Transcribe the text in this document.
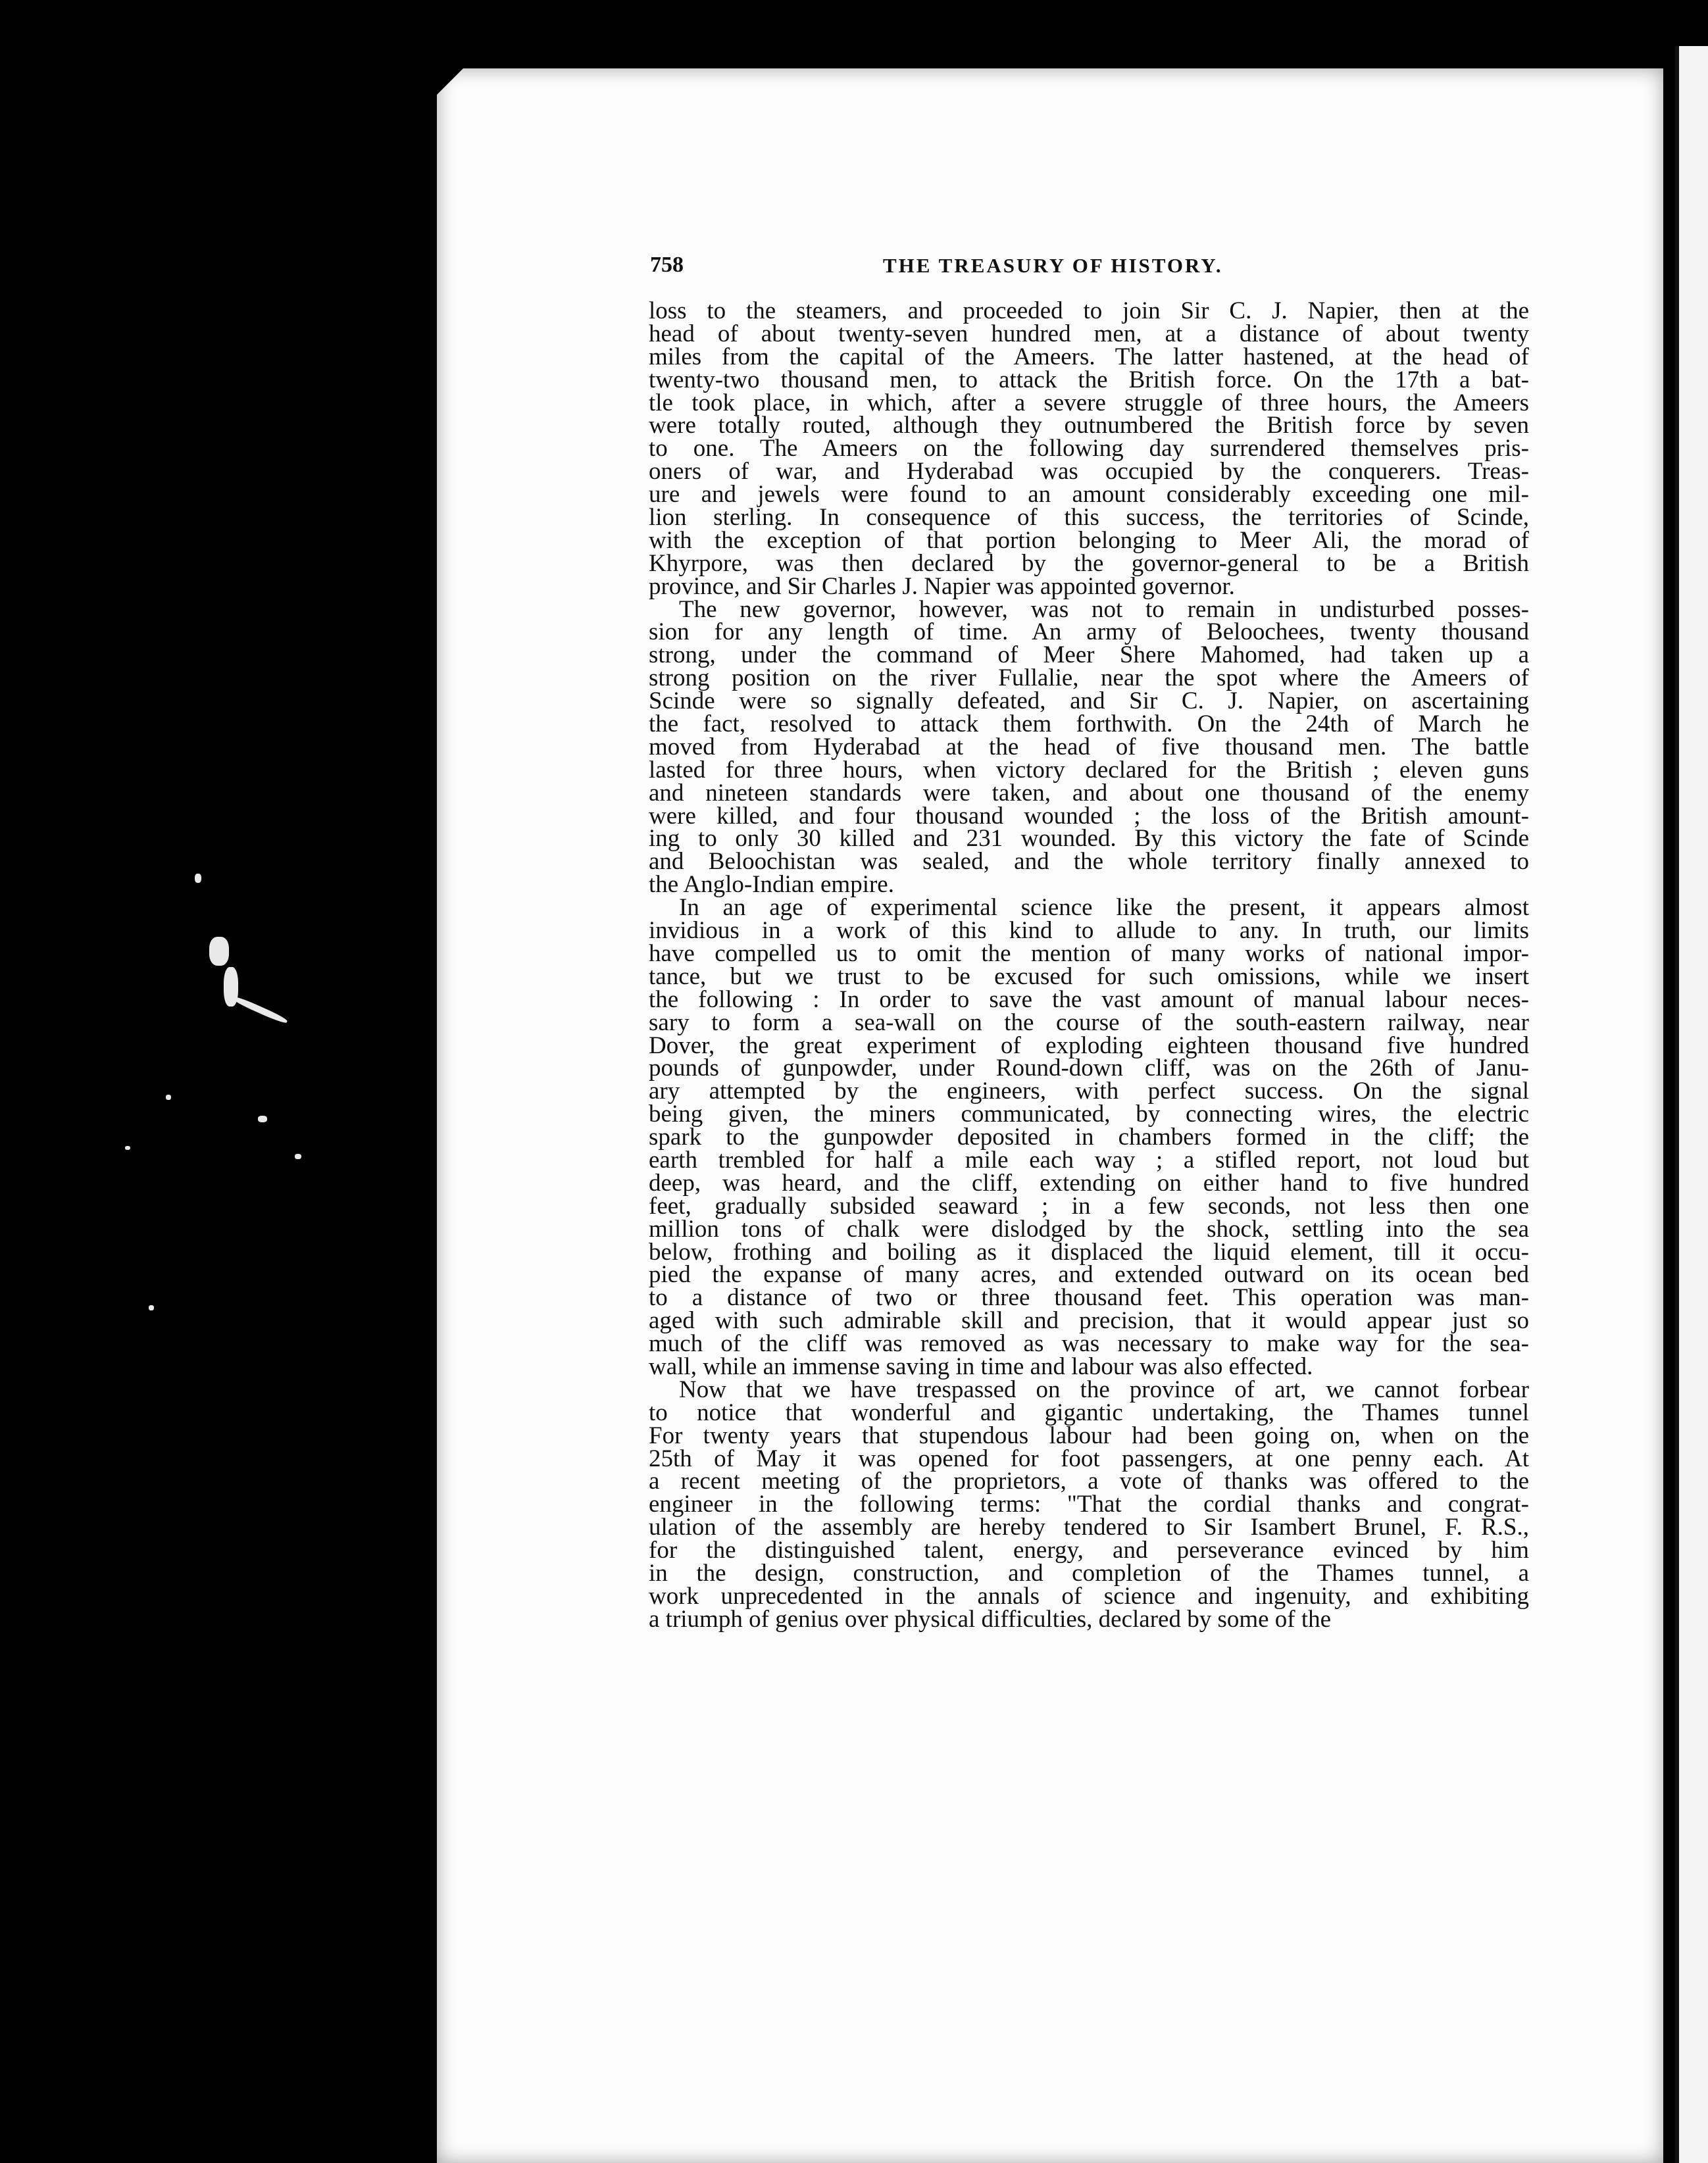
758	THE TREASURY OF HISTORY.
loss to the steamers, and proceeded to join Sir C. J. Napier, then at the
head of about twenty-seven hundred men, at a distance of about twenty
miles from the capital of the Ameers. The latter hastened, at the head of
twenty-two thousand men, to attack the British force. On the 17th a bat-
tle took place, in which, after a severe struggle of three hours, the Ameers
were totally routed, although they outnumbered the British force by seven
to one. The Ameers on the following day surrendered themselves pris-
oners of war, and Hyderabad was occupied by the conquerers. Treas-
ure and jewels were found to an amount considerably exceeding one mil-
lion sterling. In consequence of this success, the territories of Scinde,
with the exception of that portion belonging to Meer Ali, the morad of
Khyrpore, was then declared by the governor-general to be a British
province, and Sir Charles J. Napier was appointed governor.
The new governor, however, was not to remain in undisturbed posses-
sion for any length of time. An army of Beloochees, twenty thousand
strong, under the command of Meer Shere Mahomed, had taken up a
strong position on the river Fullalie, near the spot where the Ameers of
Scinde were so signally defeated, and Sir C. J. Napier, on ascertaining
the fact, resolved to attack them forthwith. On the 24th of March he
moved from Hyderabad at the head of five thousand men. The battle
lasted for three hours, when victory declared for the British ; eleven guns
and nineteen standards were taken, and about one thousand of the enemy
were killed, and four thousand wounded ; the loss of the British amount-
ing to only 30 killed and 231 wounded. By this victory the fate of Scinde
and Beloochistan was sealed, and the whole territory finally annexed to
the Anglo-Indian empire.
In an age of experimental science like the present, it appears almost
invidious in a work of this kind to allude to any. In truth, our limits
have compelled us to omit the mention of many works of national impor-
tance, but we trust to be excused for such omissions, while we insert
the following : In order to save the vast amount of manual labour neces-
sary to form a sea-wall on the course of the south-eastern railway, near
Dover, the great experiment of exploding eighteen thousand five hundred
pounds of gunpowder, under Round-down cliff, was on the 26th of Janu-
ary attempted by the engineers, with perfect success. On the signal
being given, the miners communicated, by connecting wires, the electric
spark to the gunpowder deposited in chambers formed in the cliff; the
earth trembled for half a mile each way ; a stifled report, not loud but
deep, was heard, and the cliff, extending on either hand to five hundred
feet, gradually subsided seaward ; in a few seconds, not less then one
million tons of chalk were dislodged by the shock, settling into the sea
below, frothing and boiling as it displaced the liquid element, till it occu-
pied the expanse of many acres, and extended outward on its ocean bed
to a distance of two or three thousand feet. This operation was man-
aged with such admirable skill and precision, that it would appear just so
much of the cliff was removed as was necessary to make way for the sea-
wall, while an immense saving in time and labour was also effected.
Now that we have trespassed on the province of art, we cannot forbear
to notice that wonderful and gigantic undertaking, the Thames tunnel
For twenty years that stupendous labour had been going on, when on the
25th of May it was opened for foot passengers, at one penny each. At
a recent meeting of the proprietors, a vote of thanks was offered to the
engineer in the following terms: "That the cordial thanks and congrat-
ulation of the assembly are hereby tendered to Sir Isambert Brunel, F. R.S.,
for the distinguished talent, energy, and perseverance evinced by him
in the design, construction, and completion of the Thames tunnel, a
work unprecedented in the annals of science and ingenuity, and exhibiting
a triumph of genius over physical difficulties, declared by some of the
